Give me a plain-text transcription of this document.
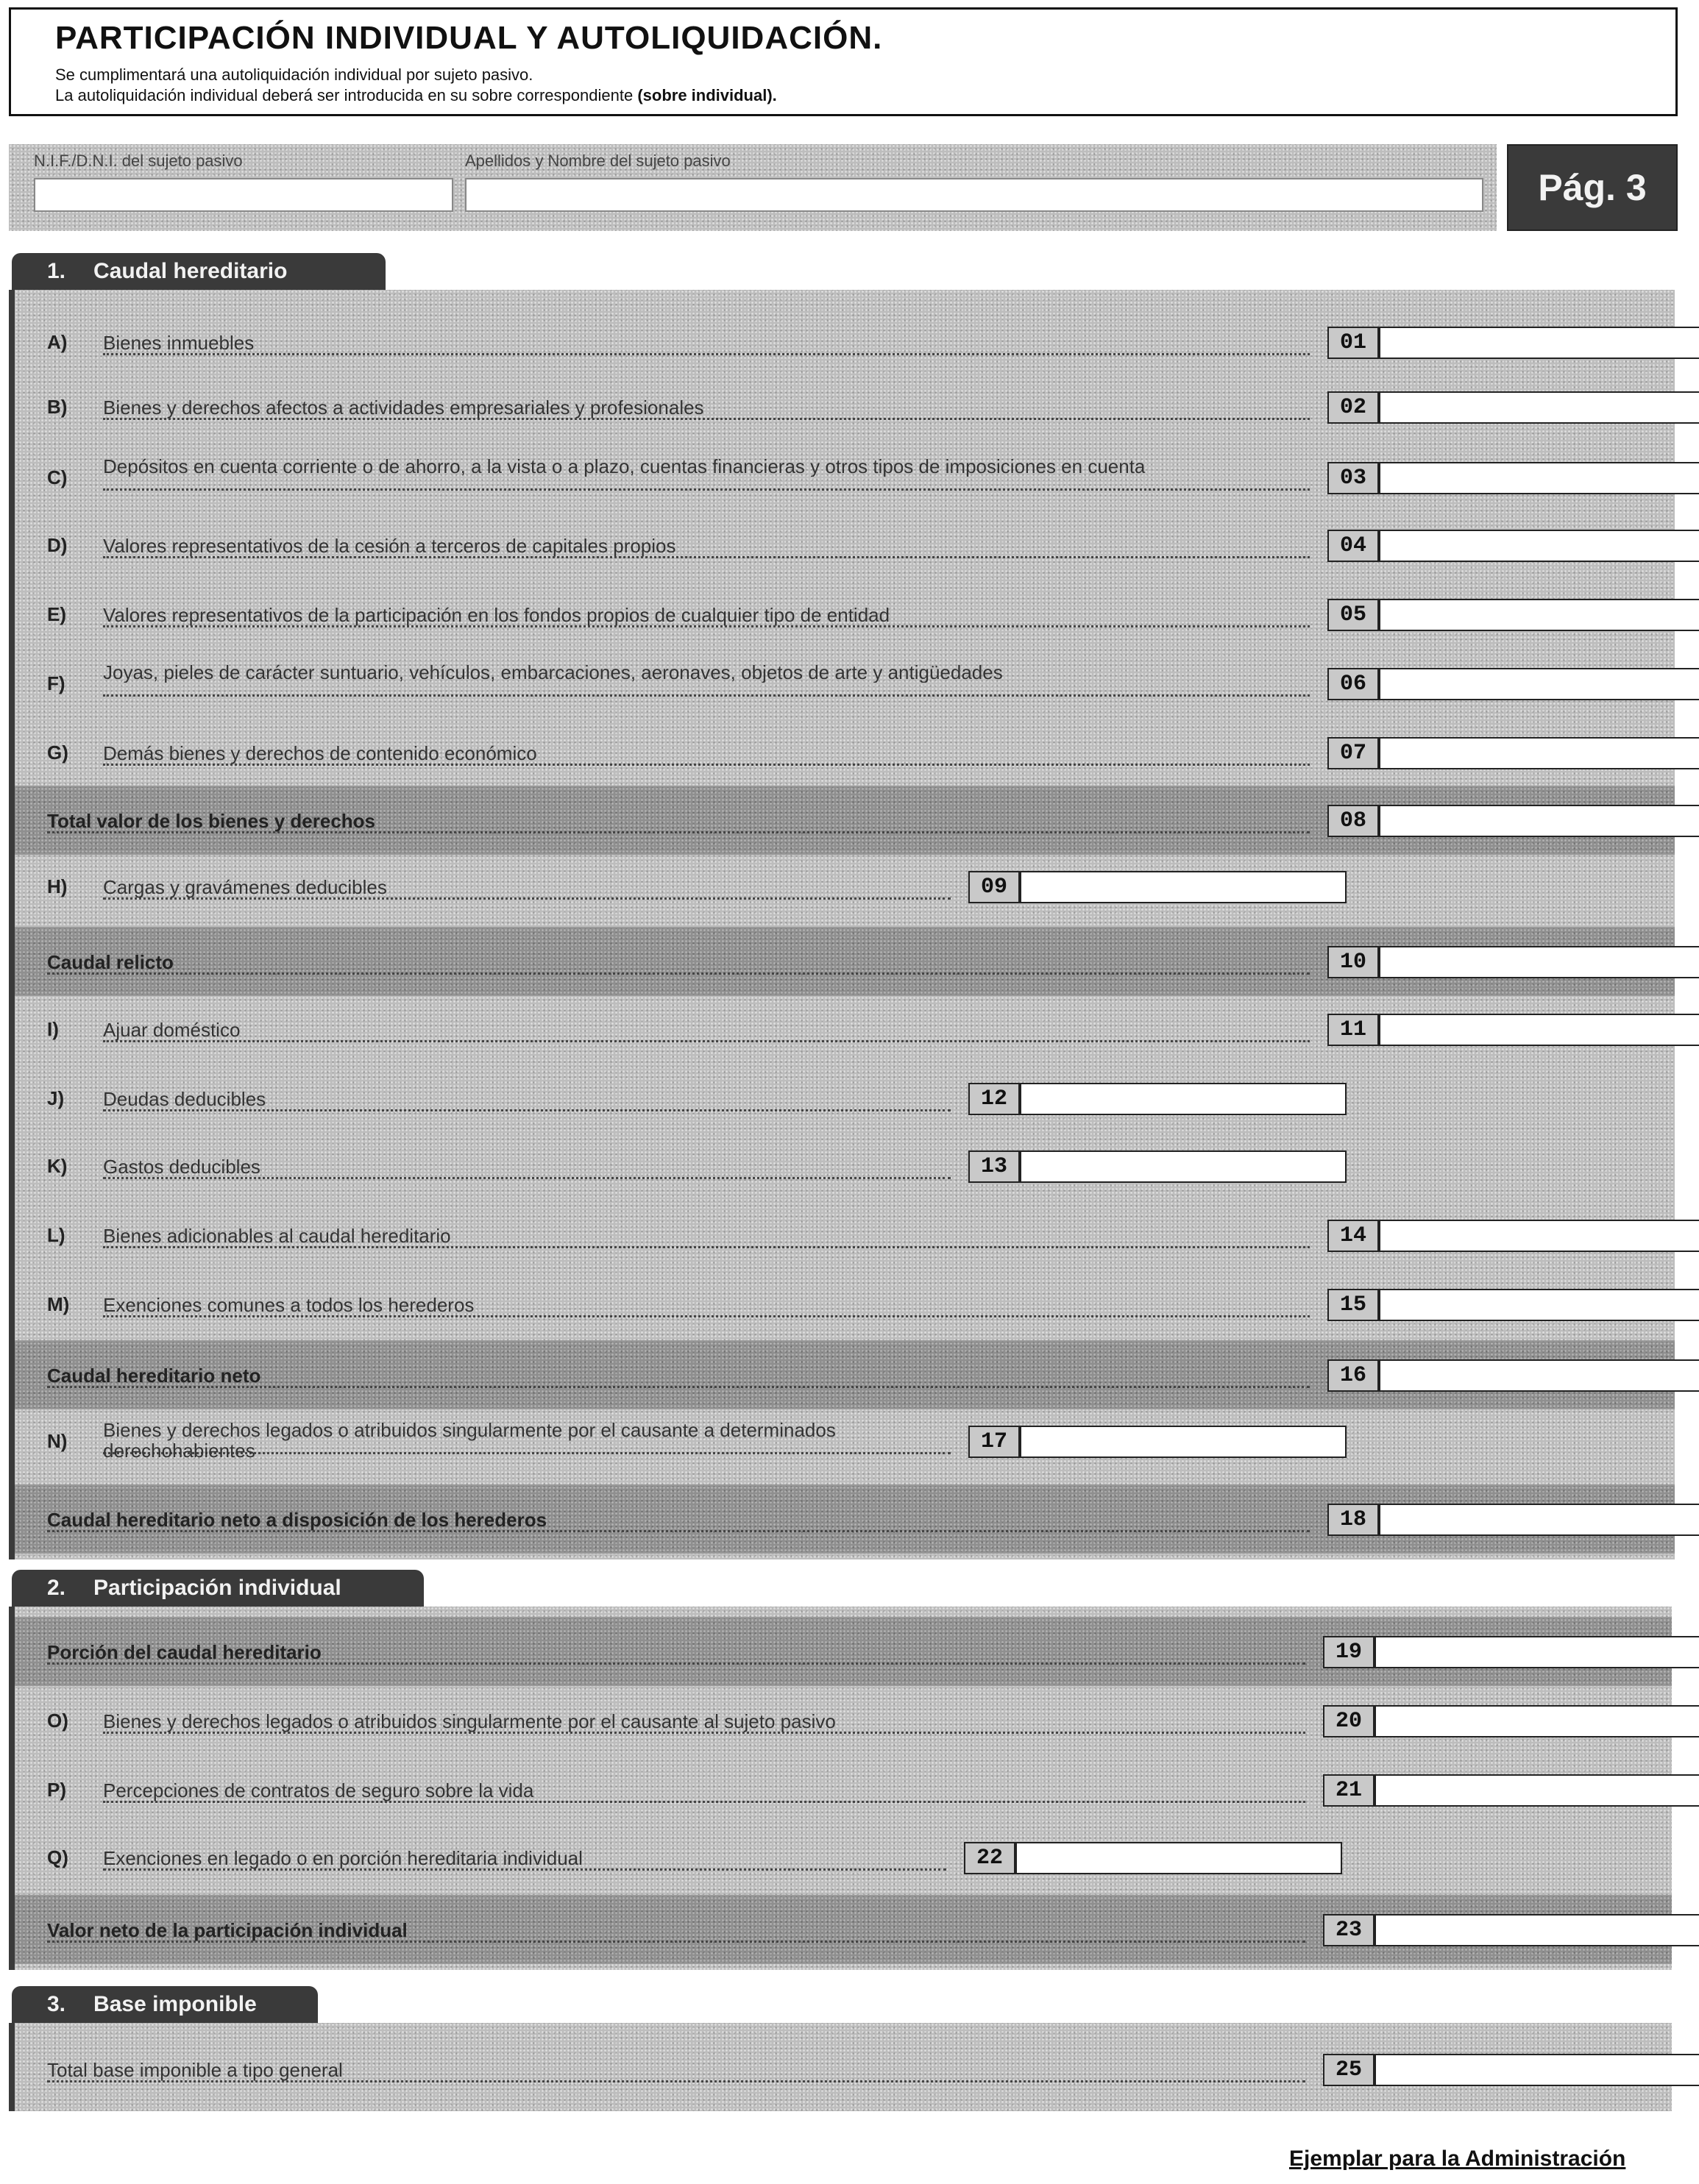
PARTICIPACIÓN INDIVIDUAL Y AUTOLIQUIDACIÓN.
Se cumplimentará una autoliquidación individual por sujeto pasivo.
La autoliquidación individual deberá ser introducida en su sobre correspondiente (sobre individual).
N.I.F./D.N.I. del sujeto pasivo	Apellidos y Nombre del sujeto pasivo
Pág. 3
1. Caudal hereditario
A) Bienes inmuebles	01
B) Bienes y derechos afectos a actividades empresariales y profesionales	02
C) Depósitos en cuenta corriente o de ahorro, a la vista o a plazo, cuentas financieras y otros tipos de imposiciones en cuenta	03
D) Valores representativos de la cesión a terceros de capitales propios	04
E) Valores representativos de la participación en los fondos propios de cualquier tipo de entidad	05
F) Joyas, pieles de carácter suntuario, vehículos, embarcaciones, aeronaves, objetos de arte y antigüedades	06
G) Demás bienes y derechos de contenido económico	07
Total valor de los bienes y derechos	08
H) Cargas y gravámenes deducibles	09
Caudal relicto	10
I) Ajuar doméstico	11
J) Deudas deducibles	12
K) Gastos deducibles	13
L) Bienes adicionables al caudal hereditario	14
M) Exenciones comunes a todos los herederos	15
Caudal hereditario neto	16
N) Bienes y derechos legados o atribuidos singularmente por el causante a determinados derechohabientes	17
Caudal hereditario neto a disposición de los herederos	18
2. Participación individual
Porción del caudal hereditario	19
O) Bienes y derechos legados o atribuidos singularmente por el causante al sujeto pasivo	20
P) Percepciones de contratos de seguro sobre la vida	21
Q) Exenciones en legado o en porción hereditaria individual	22
Valor neto de la participación individual	23
3. Base imponible
Total base imponible a tipo general	25
Ejemplar para la Administración
